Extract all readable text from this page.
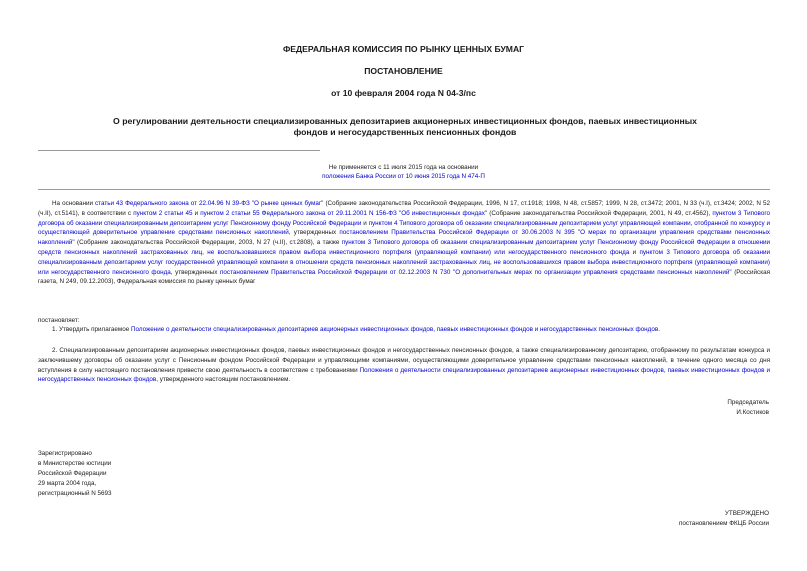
ФЕДЕРАЛЬНАЯ КОМИССИЯ ПО РЫНКУ ЦЕННЫХ БУМАГ
ПОСТАНОВЛЕНИЕ
от 10 февраля 2004 года N 04-3/пс
О регулировании деятельности специализированных депозитариев акционерных инвестиционных фондов, паевых инвестиционных фондов и негосударственных пенсионных фондов
Не применяется с 11 июля 2015 года на основании
положения Банка России от 10 июня 2015 года N 474-П
На основании статьи 43 Федерального закона от 22.04.96 N 39-ФЗ "О рынке ценных бумаг" (Собрание законодательства Российской Федерации, 1996, N 17, ст.1918; 1998, N 48, ст.5857; 1999, N 28, ст.3472; 2001, N 33 (ч.I), ст.3424; 2002, N 52 (ч.II), ст.5141), в соответствии с пунктом 2 статьи 45 и пунктом 2 статьи 55 Федерального закона от 29.11.2001 N 156-ФЗ "Об инвестиционных фондах" (Собрание законодательства Российской Федерации, 2001, N 49, ст.4562), пунктом 3 Типового договора об оказании специализированным депозитарием услуг Пенсионному фонду Российской Федерации и пунктом 4 Типового договора об оказании специализированным депозитарием услуг управляющей компании, отобранной по конкурсу и осуществляющей доверительное управление средствами пенсионных накоплений, утвержденных постановлением Правительства Российской Федерации от 30.06.2003 N 395 "О мерах по организации управления средствами пенсионных накоплений" (Собрание законодательства Российской Федерации, 2003, N 27 (ч.II), ст.2808), а также пунктом 3 Типового договора об оказании специализированным депозитарием услуг Пенсионному фонду Российской Федерации в отношении средств пенсионных накоплений застрахованных лиц, не воспользовавшихся правом выбора инвестиционного портфеля (управляющей компании) или негосударственного пенсионного фонда и пунктом 3 Типового договора об оказании специализированным депозитарием услуг государственной управляющей компании в отношении средств пенсионных накоплений застрахованных лиц, не воспользовавшихся правом выбора инвестиционного портфеля (управляющей компании) или негосударственного пенсионного фонда, утвержденных постановлением Правительства Российской Федерации от 02.12.2003 N 730 "О дополнительных мерах по организации управления средствами пенсионных накоплений" (Российская газета, N 249, 09.12.2003), Федеральная комиссия по рынку ценных бумаг
постановляет:
1. Утвердить прилагаемое Положение о деятельности специализированных депозитариев акционерных инвестиционных фондов, паевых инвестиционных фондов и негосударственных пенсионных фондов.
2. Специализированным депозитариям акционерных инвестиционных фондов, паевых инвестиционных фондов и негосударственных пенсионных фондов, а также специализированному депозитарию, отобранному по результатам конкурса и заключившему договоры об оказании услуг с Пенсионным фондом Российской Федерации и управляющими компаниями, осуществляющими доверительное управление средствами пенсионных накоплений, в течение одного месяца со дня вступления в силу настоящего постановления привести свою деятельность в соответствие с требованиями Положения о деятельности специализированных депозитариев акционерных инвестиционных фондов, паевых инвестиционных фондов и негосударственных пенсионных фондов, утвержденного настоящим постановлением.
Председатель
И.Костиков
Зарегистрировано
в Министерстве юстиции
Российской Федерации
29 марта 2004 года,
регистрационный N 5693
УТВЕРЖДЕНО
постановлением ФКЦБ России
